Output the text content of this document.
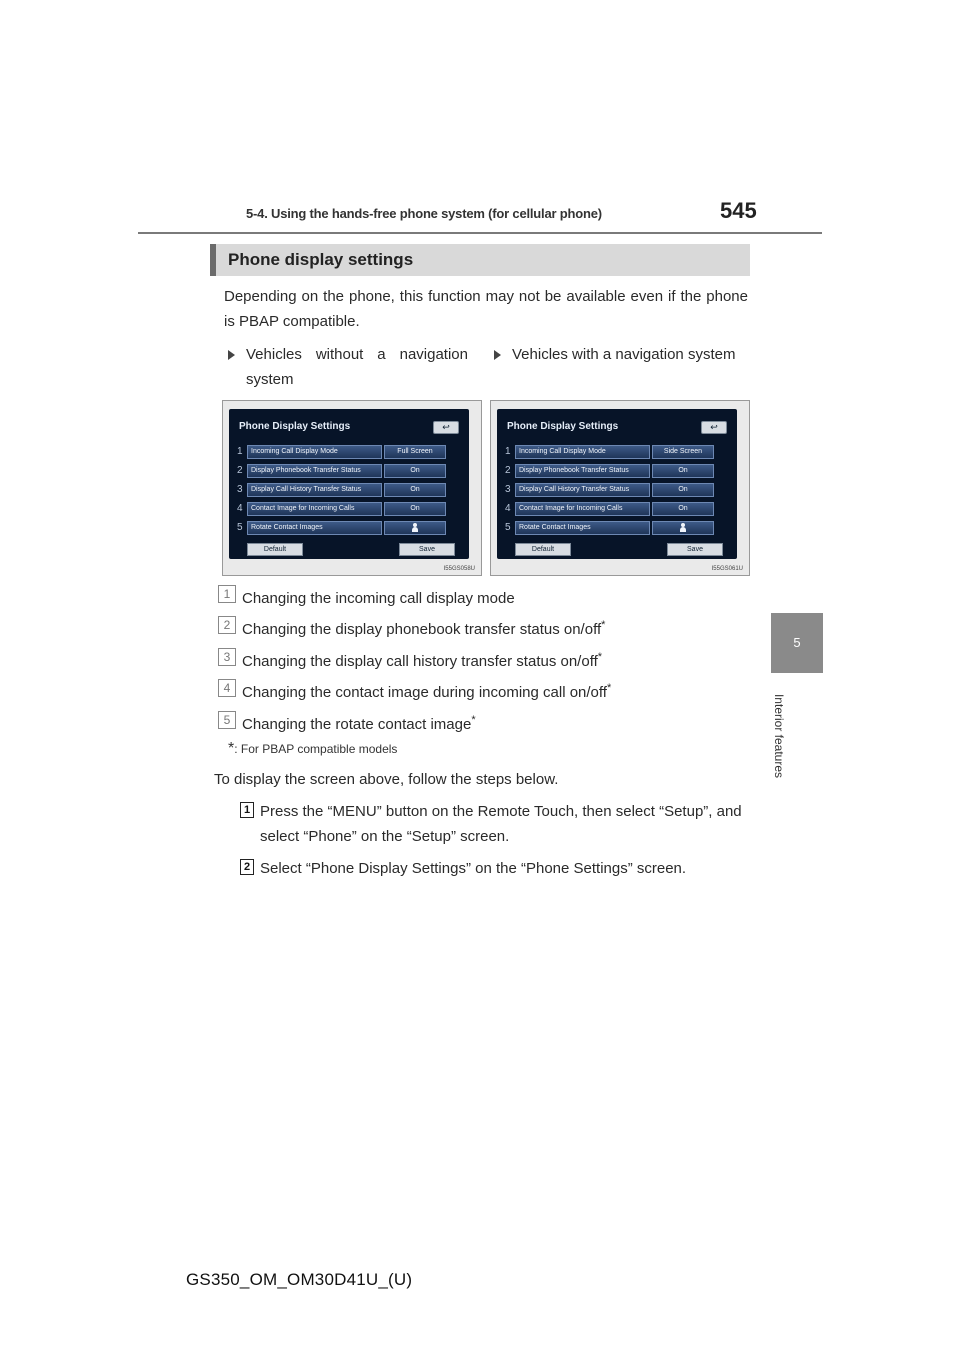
5-4. Using the hands-free phone system (for cellular phone)	545
5
Interior features
Phone display settings
Depending on the phone, this function may not be available even if the phone is PBAP compatible.
Vehicles without a navigation system
Vehicles with a navigation system
Phone Display Settings	↩
1	Incoming Call Display Mode	Full Screen
2	Display Phonebook Transfer Status	On
3	Display Call History Transfer Status	On
4	Contact Image for Incoming Calls	On
5	Rotate Contact Images
Default	Save
I55GS058U
Phone Display Settings	↩
1	Incoming Call Display Mode	Side Screen
2	Display Phonebook Transfer Status	On
3	Display Call History Transfer Status	On
4	Contact Image for Incoming Calls	On
5	Rotate Contact Images
Default	Save
I55GS061U
1 Changing the incoming call display mode
2 Changing the display phonebook transfer status on/off*
3 Changing the display call history transfer status on/off*
4 Changing the contact image during incoming call on/off*
5 Changing the rotate contact image*
*: For PBAP compatible models
To display the screen above, follow the steps below.
1 Press the “MENU” button on the Remote Touch, then select “Setup”, and select “Phone” on the “Setup” screen.
2 Select “Phone Display Settings” on the “Phone Settings” screen.
GS350_OM_OM30D41U_(U)
